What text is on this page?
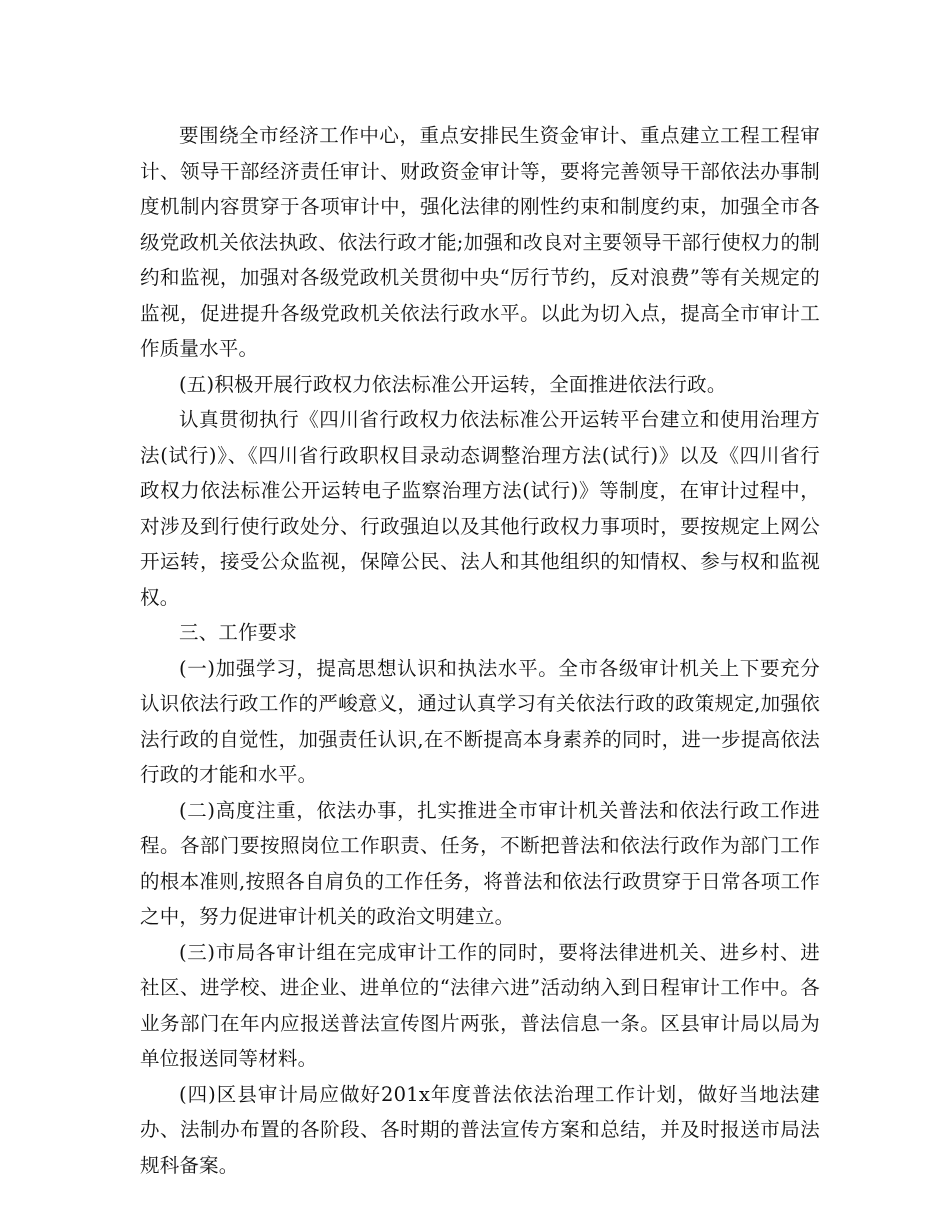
要围绕全市经济工作中心，重点安排民生资金审计、重点建立工程工程审计、领导干部经济责任审计、财政资金审计等，要将完善领导干部依法办事制度机制内容贯穿于各项审计中，强化法律的刚性约束和制度约束，加强全市各级党政机关依法执政、依法行政才能;加强和改良对主要领导干部行使权力的制约和监视，加强对各级党政机关贯彻中央“厉行节约，反对浪费”等有关规定的监视，促进提升各级党政机关依法行政水平。以此为切入点，提高全市审计工作质量水平。

(五)积极开展行政权力依法标准公开运转，全面推进依法行政。

认真贯彻执行《四川省行政权力依法标准公开运转平台建立和使用治理方法(试行)》、《四川省行政职权目录动态调整治理方法(试行)》以及《四川省行政权力依法标准公开运转电子监察治理方法(试行)》等制度，在审计过程中，对涉及到行使行政处分、行政强迫以及其他行政权力事项时，要按规定上网公开运转，接受公众监视，保障公民、法人和其他组织的知情权、参与权和监视权。

三、工作要求

(一)加强学习，提高思想认识和执法水平。全市各级审计机关上下要充分认识依法行政工作的严峻意义，通过认真学习有关依法行政的政策规定,加强依法行政的自觉性，加强责任认识,在不断提高本身素养的同时，进一步提高依法行政的才能和水平。

(二)高度注重，依法办事，扎实推进全市审计机关普法和依法行政工作进程。各部门要按照岗位工作职责、任务，不断把普法和依法行政作为部门工作的根本准则,按照各自肩负的工作任务，将普法和依法行政贯穿于日常各项工作之中，努力促进审计机关的政治文明建立。

(三)市局各审计组在完成审计工作的同时，要将法律进机关、进乡村、进社区、进学校、进企业、进单位的“法律六进”活动纳入到日程审计工作中。各业务部门在年内应报送普法宣传图片两张，普法信息一条。区县审计局以局为单位报送同等材料。

(四)区县审计局应做好201x年度普法依法治理工作计划，做好当地法建办、法制办布置的各阶段、各时期的普法宣传方案和总结，并及时报送市局法规科备案。
